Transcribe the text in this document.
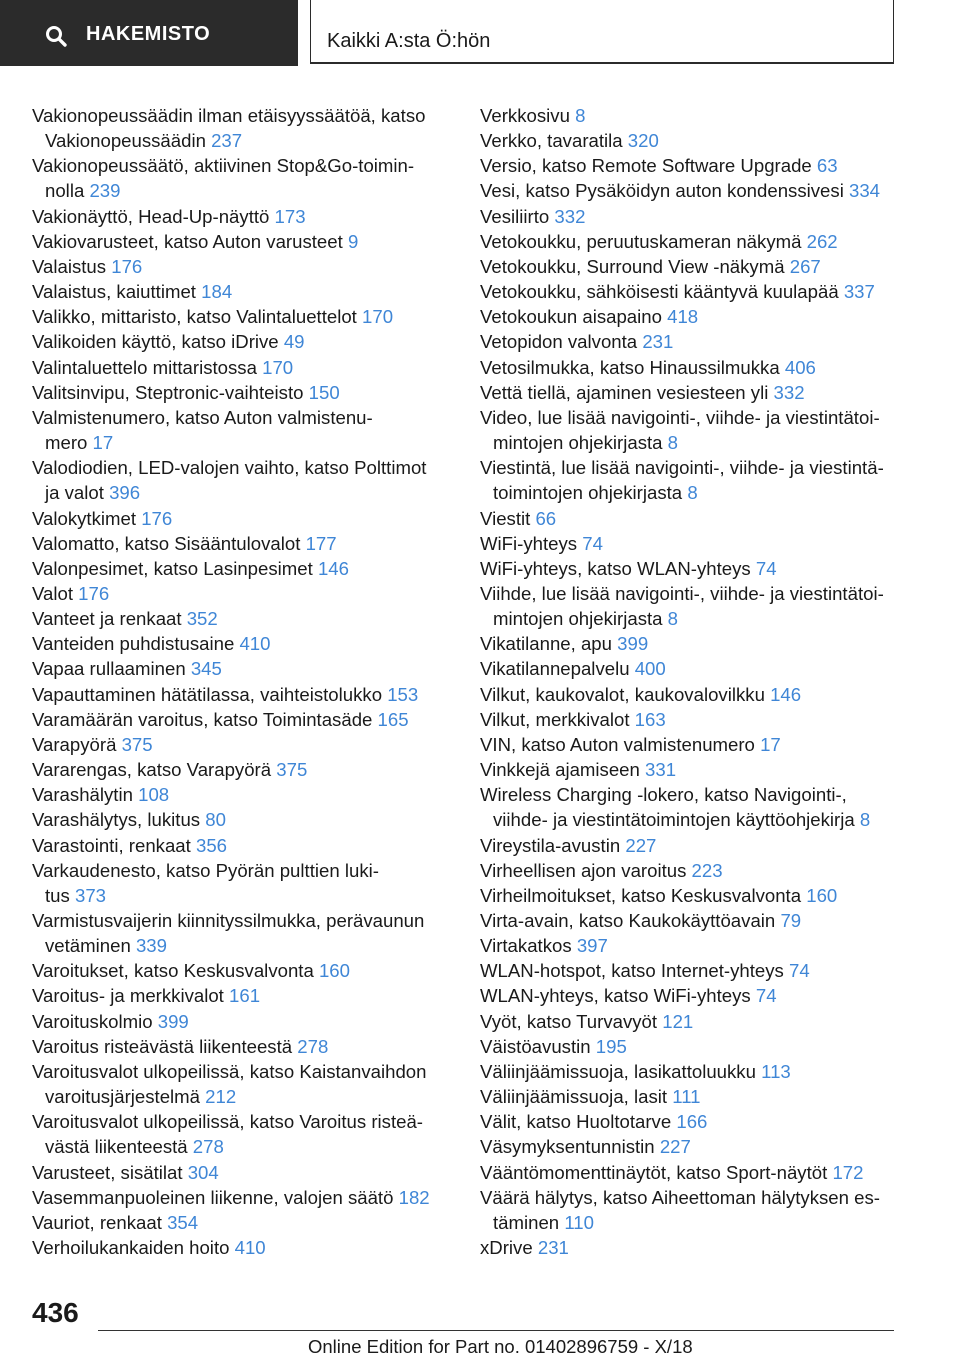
HAKEMISTO	Kaikki A:sta Ö:hön
Vakionopeussäädin ilman etäisyyssäätöä, katso
Vakionopeussäädin 237
Vakionopeussäätö, aktiivinen Stop&Go-toimin‐
nolla 239
Vakionäyttö, Head-Up-näyttö 173
Vakiovarusteet, katso Auton varusteet 9
Valaistus 176
Valaistus, kaiuttimet 184
Valikko, mittaristo, katso Valintaluettelot 170
Valikoiden käyttö, katso iDrive 49
Valintaluettelo mittaristossa 170
Valitsinvipu, Steptronic-vaihteisto 150
Valmistenumero, katso Auton valmistenu‐
mero 17
Valodiodien, LED-valojen vaihto, katso Polttimot
ja valot 396
Valokytkimet 176
Valomatto, katso Sisääntulovalot 177
Valonpesimet, katso Lasinpesimet 146
Valot 176
Vanteet ja renkaat 352
Vanteiden puhdistusaine 410
Vapaa rullaaminen 345
Vapauttaminen hätätilassa, vaihteistolukko 153
Varamäärän varoitus, katso Toimintasäde 165
Varapyörä 375
Vararengas, katso Varapyörä 375
Varashälytin 108
Varashälytys, lukitus 80
Varastointi, renkaat 356
Varkaudenesto, katso Pyörän pulttien luki‐
tus 373
Varmistusvaijerin kiinnityssilmukka, perävaunun
vetäminen 339
Varoitukset, katso Keskusvalvonta 160
Varoitus- ja merkkivalot 161
Varoituskolmio 399
Varoitus risteävästä liikenteestä 278
Varoitusvalot ulkopeilissä, katso Kaistanvaihdon
varoitusjärjestelmä 212
Varoitusvalot ulkopeilissä, katso Varoitus risteä‐
västä liikenteestä 278
Varusteet, sisätilat 304
Vasemmanpuoleinen liikenne, valojen säätö 182
Vauriot, renkaat 354
Verhoilukankaiden hoito 410
Verkkosivu 8
Verkko, tavaratila 320
Versio, katso Remote Software Upgrade 63
Vesi, katso Pysäköidyn auton kondenssivesi 334
Vesiliirto 332
Vetokoukku, peruutuskameran näkymä 262
Vetokoukku, Surround View -näkymä 267
Vetokoukku, sähköisesti kääntyvä kuulapää 337
Vetokoukun aisapaino 418
Vetopidon valvonta 231
Vetosilmukka, katso Hinaussilmukka 406
Vettä tiellä, ajaminen vesiesteen yli 332
Video, lue lisää navigointi-, viihde- ja viestintätoi‐
mintojen ohjekirjasta 8
Viestintä, lue lisää navigointi-, viihde- ja viestintä‐
toimintojen ohjekirjasta 8
Viestit 66
WiFi-yhteys 74
WiFi-yhteys, katso WLAN-yhteys 74
Viihde, lue lisää navigointi-, viihde- ja viestintätoi‐
mintojen ohjekirjasta 8
Vikatilanne, apu 399
Vikatilannepalvelu 400
Vilkut, kaukovalot, kaukovalovilkku 146
Vilkut, merkkivalot 163
VIN, katso Auton valmistenumero 17
Vinkkejä ajamiseen 331
Wireless Charging -lokero, katso Navigointi-,
viihde- ja viestintätoimintojen käyttöohjekirja 8
Vireystila-avustin 227
Virheellisen ajon varoitus 223
Virheilmoitukset, katso Keskusvalvonta 160
Virta-avain, katso Kaukokäyttöavain 79
Virtakatkos 397
WLAN-hotspot, katso Internet-yhteys 74
WLAN-yhteys, katso WiFi-yhteys 74
Vyöt, katso Turvavyöt 121
Väistöavustin 195
Väliinjäämissuoja, lasikattoluukku 113
Väliinjäämissuoja, lasit 111
Välit, katso Huoltotarve 166
Väsymyksentunnistin 227
Vääntömomenttinäytöt, katso Sport-näytöt 172
Väärä hälytys, katso Aiheettoman hälytyksen es‐
täminen 110
xDrive 231
436
Online Edition for Part no. 01402896759 - X/18
